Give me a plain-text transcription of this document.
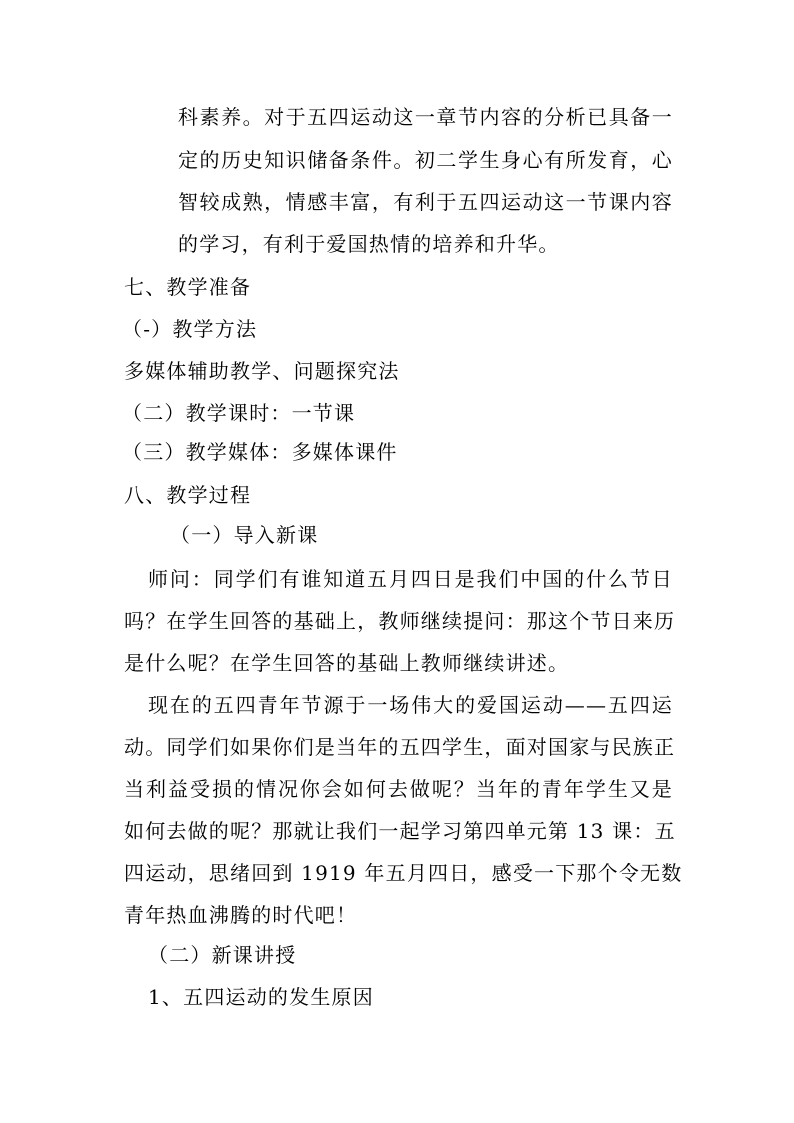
科素养。对于五四运动这一章节内容的分析已具备一
定的历史知识储备条件。初二学生身心有所发育，心
智较成熟，情感丰富，有利于五四运动这一节课内容
的学习，有利于爱国热情的培养和升华。
七、教学准备
（-）教学方法
多媒体辅助教学、问题探究法
（二）教学课时：一节课
（三）教学媒体：多媒体课件
八、教学过程
（一）导入新课
师问：同学们有谁知道五月四日是我们中国的什么节日
吗？在学生回答的基础上，教师继续提问：那这个节日来历
是什么呢？在学生回答的基础上教师继续讲述。
现在的五四青年节源于一场伟大的爱国运动——五四运
动。同学们如果你们是当年的五四学生，面对国家与民族正
当利益受损的情况你会如何去做呢？当年的青年学生又是
如何去做的呢？那就让我们一起学习第四单元第 13 课：五
四运动，思绪回到 1919 年五月四日，感受一下那个令无数
青年热血沸腾的时代吧！
（二）新课讲授
1、五四运动的发生原因
